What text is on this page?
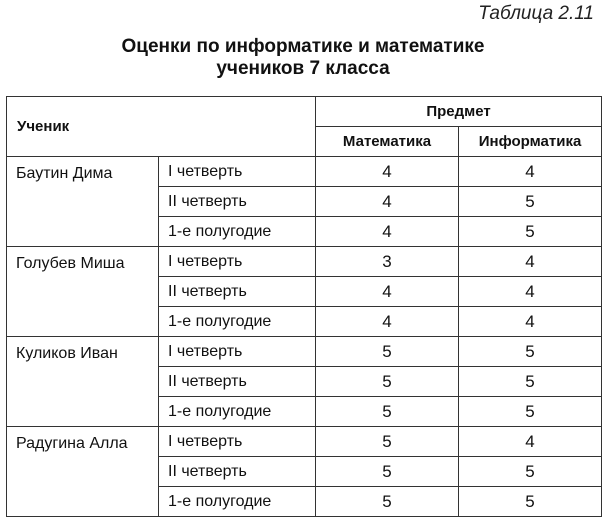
Таблица 2.11
Оценки по информатике и математике
учеников 7 класса
Ученик		Предмет	
		Математика	Информатика
Баутин Дима	I четверть	4	4
	II четверть	4	5
	1-е полугодие	4	5
Голубев Миша	I четверть	3	4
	II четверть	4	4
	1-е полугодие	4	4
Куликов Иван	I четверть	5	5
	II четверть	5	5
	1-е полугодие	5	5
Радугина Алла	I четверть	5	4
	II четверть	5	5
	1-е полугодие	5	5
